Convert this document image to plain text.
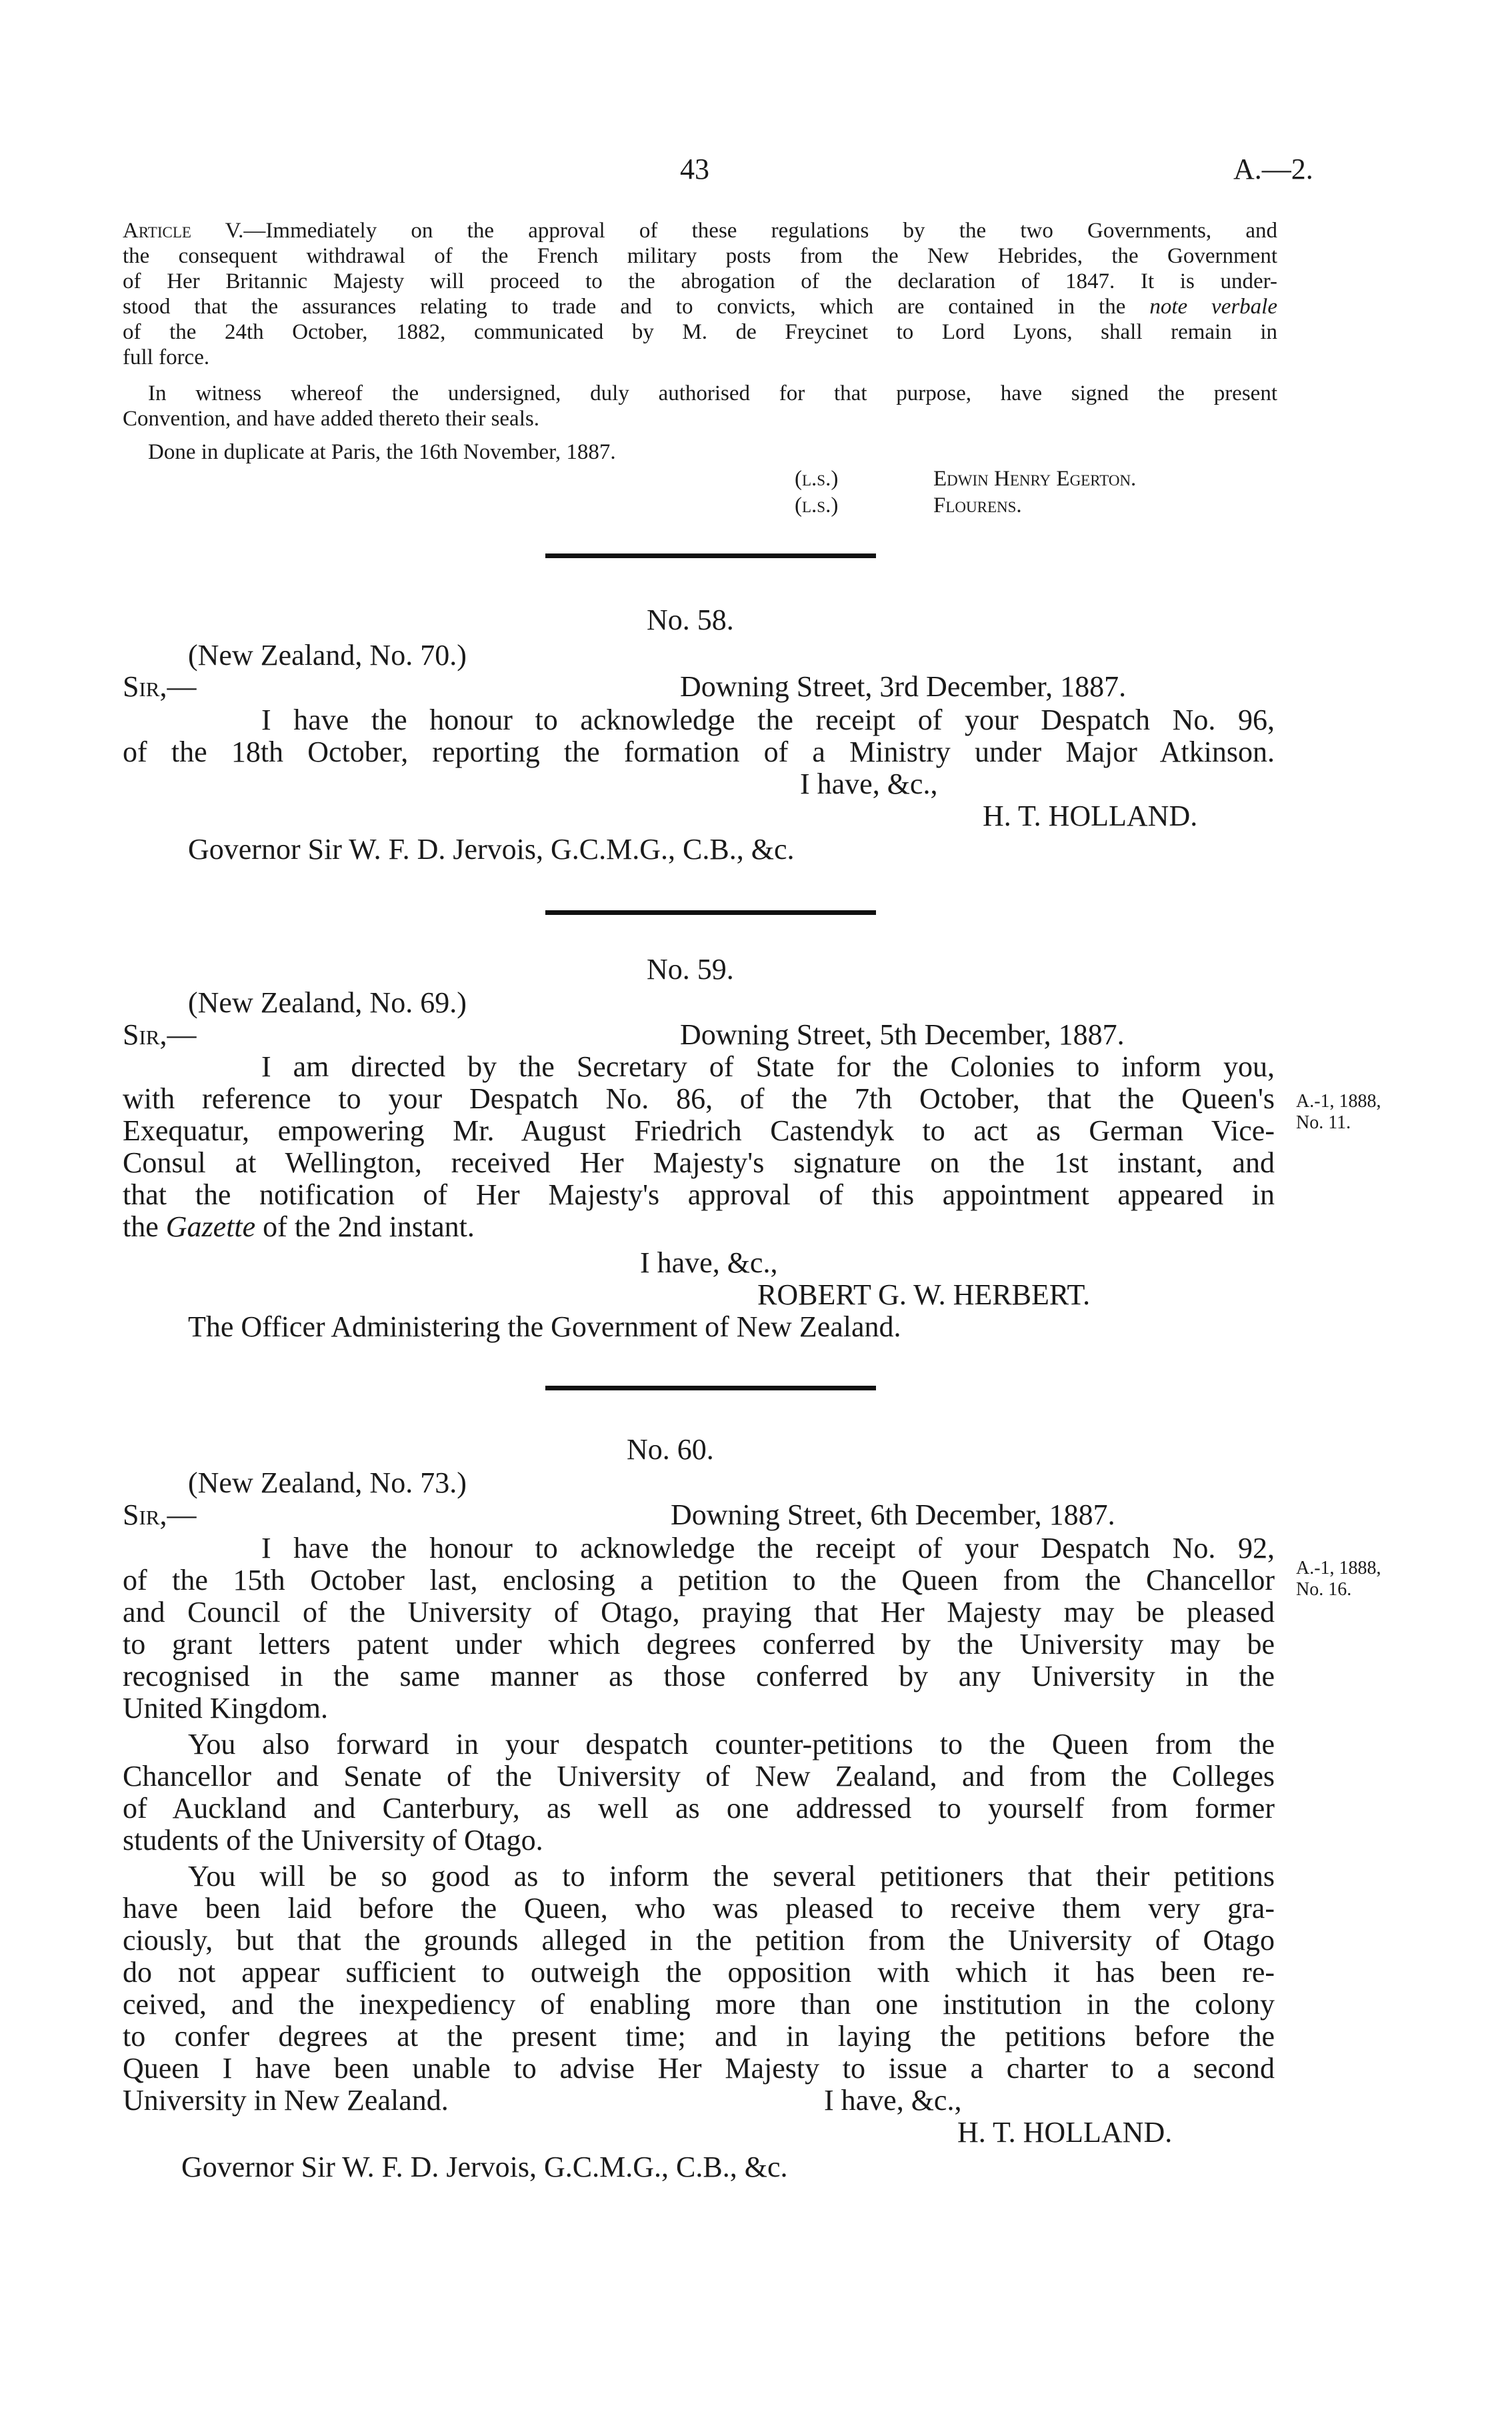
43	A.—2.
Article V.—Immediately on the approval of these regulations by the two Governments, and
the consequent withdrawal of the French military posts from the New Hebrides, the Government
of Her Britannic Majesty will proceed to the abrogation of the declaration of 1847. It is under-
stood that the assurances relating to trade and to convicts, which are contained in the note verbale
of the 24th October, 1882, communicated by M. de Freycinet to Lord Lyons, shall remain in
full force.
In witness whereof the undersigned, duly authorised for that purpose, have signed the present
Convention, and have added thereto their seals.
Done in duplicate at Paris, the 16th November, 1887.
(l.s.)	Edwin Henry Egerton.
(l.s.)	Flourens.
No. 58.
(New Zealand, No. 70.)
Sir,—	Downing Street, 3rd December, 1887.
I have the honour to acknowledge the receipt of your Despatch No. 96,
of the 18th October, reporting the formation of a Ministry under Major Atkinson.
I have, &c.,
H. T. HOLLAND.
Governor Sir W. F. D. Jervois, G.C.M.G., C.B., &c.
No. 59.
(New Zealand, No. 69.)
Sir,—	Downing Street, 5th December, 1887.
I am directed by the Secretary of State for the Colonies to inform you,
with reference to your Despatch No. 86, of the 7th October, that the Queen's
Exequatur, empowering Mr. August Friedrich Castendyk to act as German Vice-
Consul at Wellington, received Her Majesty's signature on the 1st instant, and
that the notification of Her Majesty's approval of this appointment appeared in
the Gazette of the 2nd instant.
A.-1, 1888,
No. 11.
I have, &c.,
ROBERT G. W. HERBERT.
The Officer Administering the Government of New Zealand.
No. 60.
(New Zealand, No. 73.)
Sir,—	Downing Street, 6th December, 1887.
I have the honour to acknowledge the receipt of your Despatch No. 92,
of the 15th October last, enclosing a petition to the Queen from the Chancellor
and Council of the University of Otago, praying that Her Majesty may be pleased
to grant letters patent under which degrees conferred by the University may be
recognised in the same manner as those conferred by any University in the
United Kingdom.
You also forward in your despatch counter-petitions to the Queen from the
Chancellor and Senate of the University of New Zealand, and from the Colleges
of Auckland and Canterbury, as well as one addressed to yourself from former
students of the University of Otago.
You will be so good as to inform the several petitioners that their petitions
have been laid before the Queen, who was pleased to receive them very gra-
ciously, but that the grounds alleged in the petition from the University of Otago
do not appear sufficient to outweigh the opposition with which it has been re-
ceived, and the inexpediency of enabling more than one institution in the colony
to confer degrees at the present time; and in laying the petitions before the
Queen I have been unable to advise Her Majesty to issue a charter to a second
University in New Zealand.	I have, &c.,
A.-1, 1888,
No. 16.
H. T. HOLLAND.
Governor Sir W. F. D. Jervois, G.C.M.G., C.B., &c.
